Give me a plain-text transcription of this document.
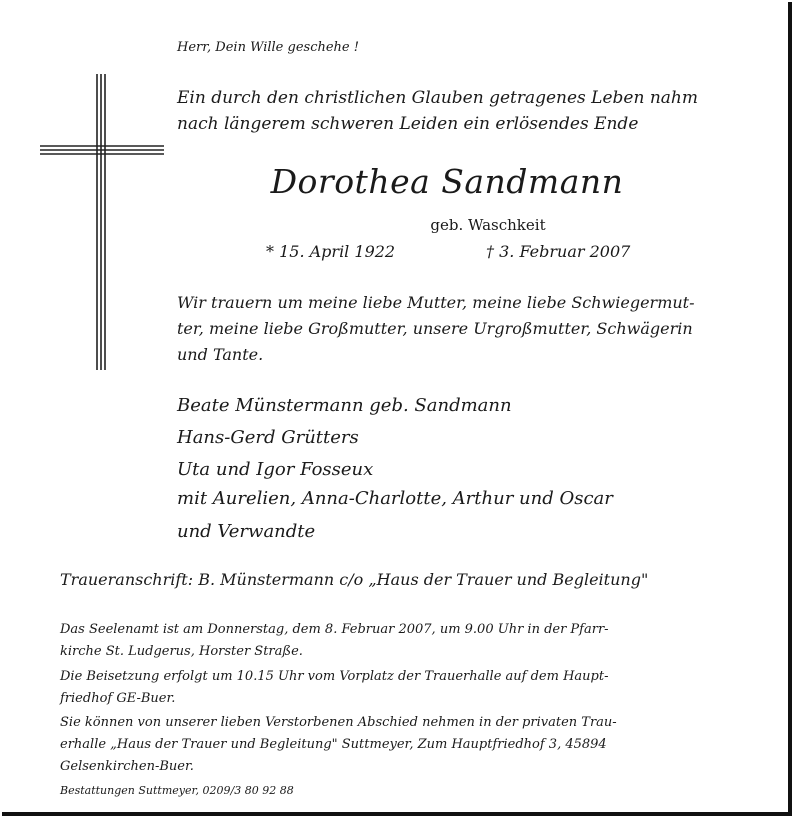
Herr, Dein Wille geschehe !
Ein durch den christlichen Glauben getragenes Leben nahm
nach längerem schweren Leiden ein erlösendes Ende
Dorothea Sandmann
geb. Waschkeit
* 15. April 1922	† 3. Februar 2007
Wir trauern um meine liebe Mutter, meine liebe Schwiegermut-
ter, meine liebe Großmutter, unsere Urgroßmutter, Schwägerin
und Tante.
Beate Münstermann geb. Sandmann
Hans-Gerd Grütters
Uta und Igor Fosseux
mit Aurelien, Anna-Charlotte, Arthur und Oscar
und Verwandte
Traueranschrift: B. Münstermann c/o „Haus der Trauer und Begleitung"
Das Seelenamt ist am Donnerstag, dem 8. Februar 2007, um 9.00 Uhr in der Pfarr-
kirche St. Ludgerus, Horster Straße.
Die Beisetzung erfolgt um 10.15 Uhr vom Vorplatz der Trauerhalle auf dem Haupt-
friedhof GE-Buer.
Sie können von unserer lieben Verstorbenen Abschied nehmen in der privaten Trau-
erhalle „Haus der Trauer und Begleitung" Suttmeyer, Zum Hauptfriedhof 3, 45894
Gelsenkirchen-Buer.
Bestattungen Suttmeyer, 0209/3 80 92 88
